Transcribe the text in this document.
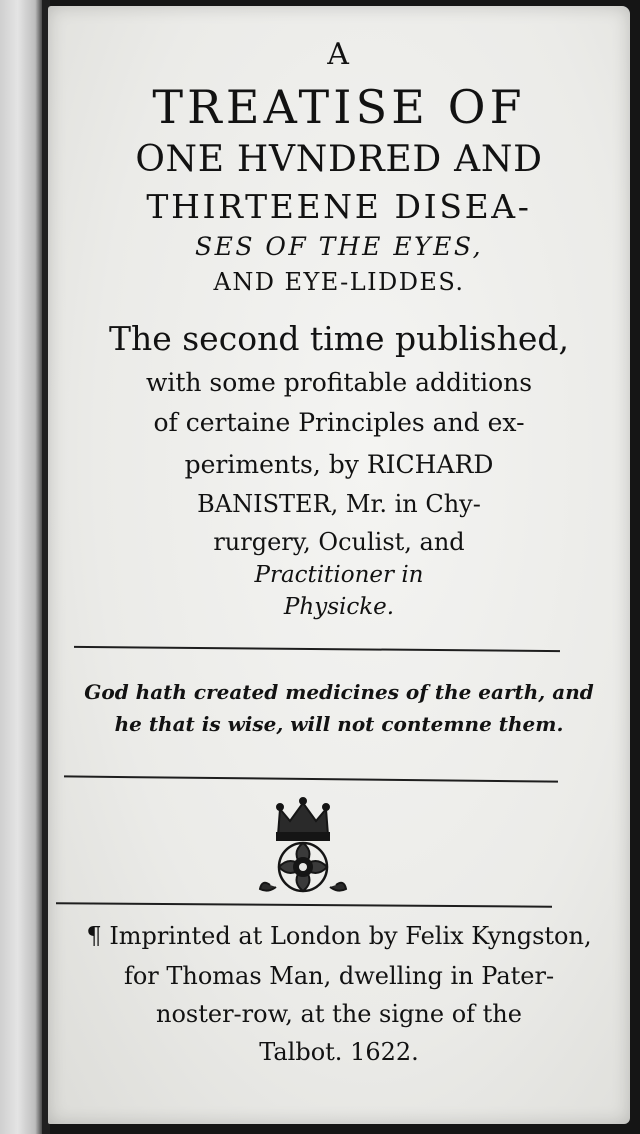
A
TREATISE OF
ONE HVNDRED AND
THIRTEENE DISEA-
SES OF THE EYES,
AND EYE-LIDDES.
The second time published,
with some profitable additions
of certaine Principles and ex-
periments, by RICHARD
BANISTER, Mr. in Chy-
rurgery, Oculist, and
Practitioner in
Physicke.
God hath created medicines of the earth, and
he that is wise, will not contemne them.
¶ Imprinted at London by Felix Kyngston,
for Thomas Man, dwelling in Pater-
noster-row, at the signe of the
Talbot. 1622.
